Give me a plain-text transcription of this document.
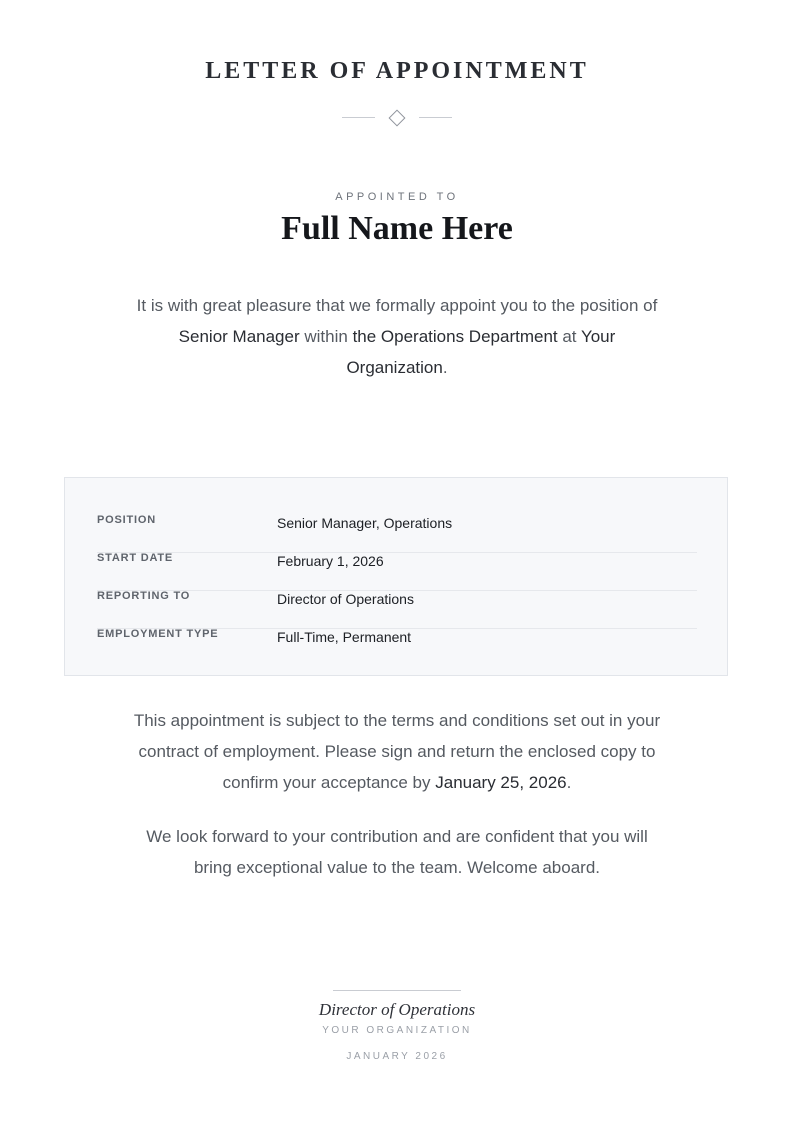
LETTER OF APPOINTMENT
APPOINTED TO
Full Name Here
It is with great pleasure that we formally appoint you to the position of Senior Manager within the Operations Department at Your Organization.
POSITION	Senior Manager, Operations
START DATE	February 1, 2026
REPORTING TO	Director of Operations
EMPLOYMENT TYPE	Full-Time, Permanent
This appointment is subject to the terms and conditions set out in your contract of employment. Please sign and return the enclosed copy to confirm your acceptance by January 25, 2026.
We look forward to your contribution and are confident that you will bring exceptional value to the team. Welcome aboard.
Director of Operations
YOUR ORGANIZATION
JANUARY 2026
